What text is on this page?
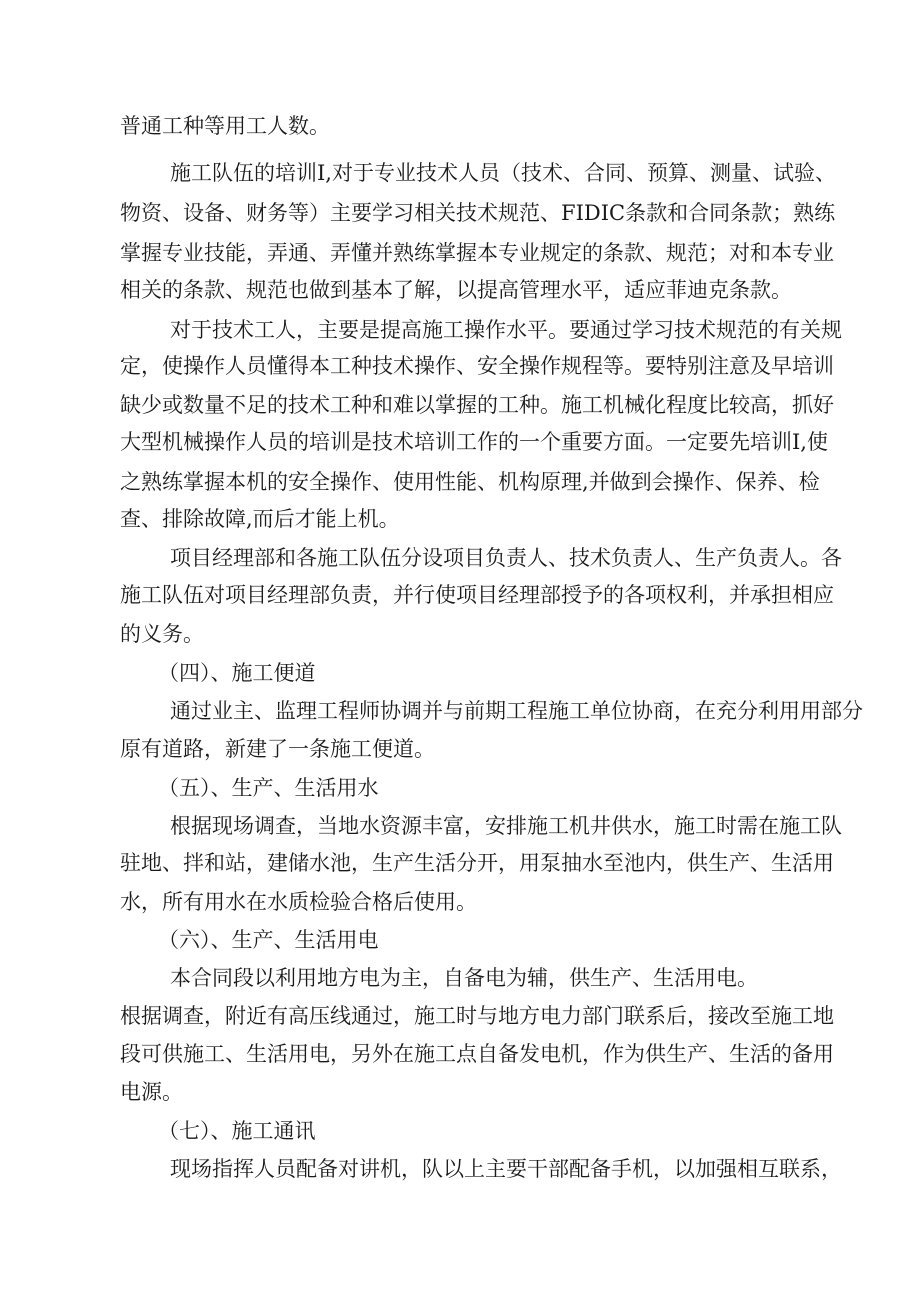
普通工种等用工人数。
施工队伍的培训Ⅰ,对于专业技术人员（技术、合同、预算、测量、试验、
物资、设备、财务等）主要学习相关技术规范、FIDIC条款和合同条款；熟练
掌握专业技能，弄通、弄懂并熟练掌握本专业规定的条款、规范；对和本专业
相关的条款、规范也做到基本了解，以提高管理水平，适应菲迪克条款。
对于技术工人，主要是提高施工操作水平。要通过学习技术规范的有关规
定，使操作人员懂得本工种技术操作、安全操作规程等。要特别注意及早培训
缺少或数量不足的技术工种和难以掌握的工种。施工机械化程度比较高，抓好
大型机械操作人员的培训是技术培训工作的一个重要方面。一定要先培训Ⅰ,使
之熟练掌握本机的安全操作、使用性能、机构原理,并做到会操作、保养、检
查、排除故障,而后才能上机。
项目经理部和各施工队伍分设项目负责人、技术负责人、生产负责人。各
施工队伍对项目经理部负责，并行使项目经理部授予的各项权利，并承担相应
的义务。
（四）、施工便道
通过业主、监理工程师协调并与前期工程施工单位协商，在充分利用用部分
原有道路，新建了一条施工便道。
（五）、生产、生活用水
根据现场调查，当地水资源丰富，安排施工机井供水，施工时需在施工队
驻地、拌和站，建储水池，生产生活分开，用泵抽水至池内，供生产、生活用
水，所有用水在水质检验合格后使用。
（六）、生产、生活用电
本合同段以利用地方电为主，自备电为辅，供生产、生活用电。
根据调查，附近有高压线通过，施工时与地方电力部门联系后，接改至施工地
段可供施工、生活用电，另外在施工点自备发电机，作为供生产、生活的备用
电源。
（七）、施工通讯
现场指挥人员配备对讲机，队以上主要干部配备手机，以加强相互联系，
